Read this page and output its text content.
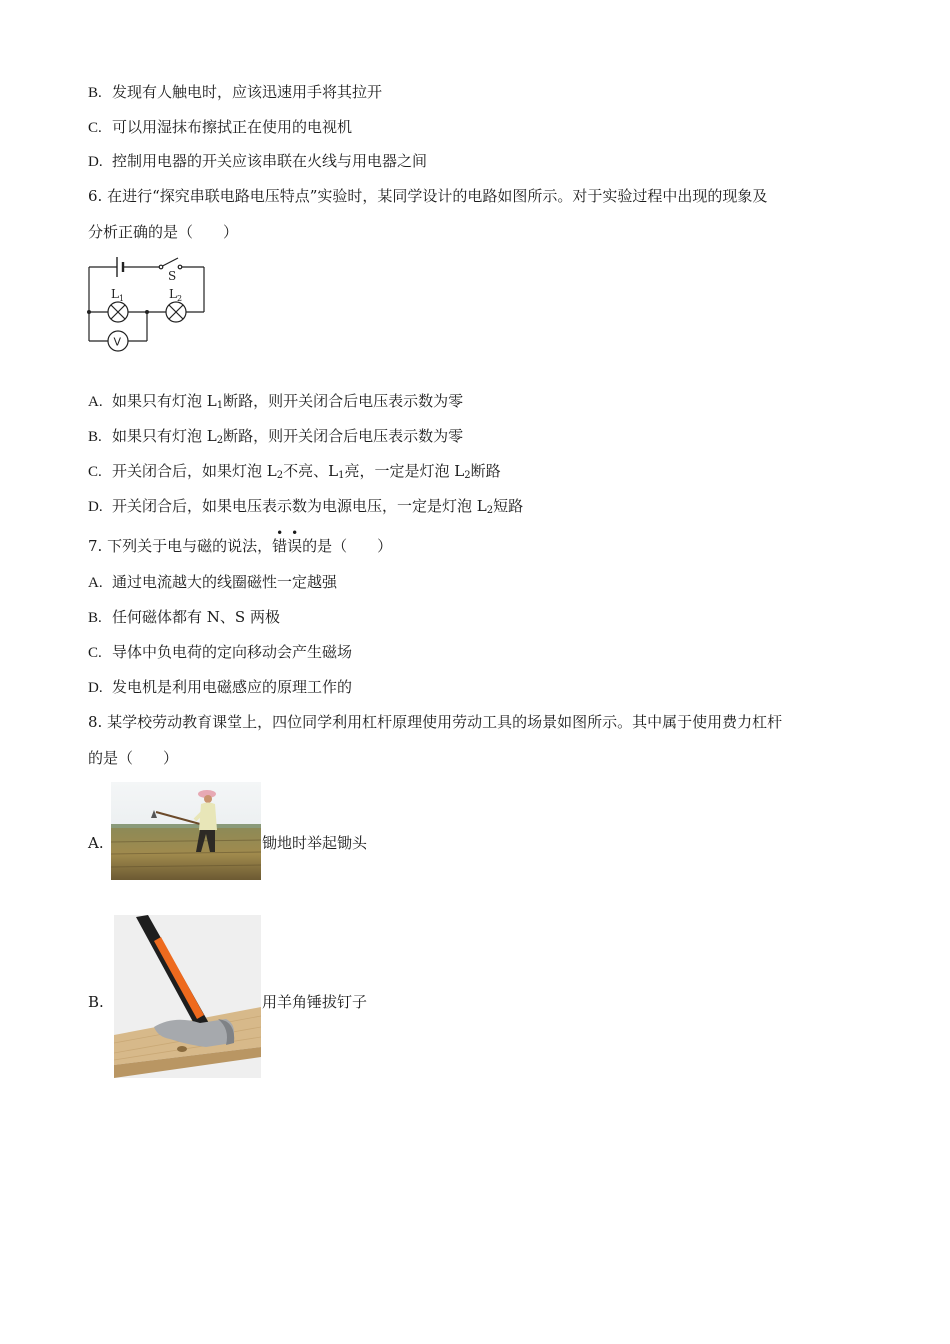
B. 发现有人触电时，应该迅速用手将其拉开
C. 可以用湿抹布擦拭正在使用的电视机
D. 控制用电器的开关应该串联在火线与用电器之间
6. 在进行“探究串联电路电压特点”实验时，某同学设计的电路如图所示。对于实验过程中出现的现象及
分析正确的是（　　）
S
$L_1$	$L_2$
V
A. 如果只有灯泡 $L_1$断路，则开关闭合后电压表示数为零
B. 如果只有灯泡 $L_2$断路，则开关闭合后电压表示数为零
C. 开关闭合后，如果灯泡 $L_2$不亮、$L_1$亮，一定是灯泡 $L_2$断路
D. 开关闭合后，如果电压表示数为电源电压，一定是灯泡 $L_2$短路
7. 下列关于电与磁的说法，
•
错
•
误的是（　　）
A. 通过电流越大的线圈磁性一定越强
B. 任何磁体都有 N、S 两极
C. 导体中负电荷的定向移动会产生磁场
D. 发电机是利用电磁感应的原理工作的
8. 某学校劳动教育课堂上，四位同学利用杠杆原理使用劳动工具的场景如图所示。其中属于使用费力杠杆
的是（　　）
A.	锄地时举起锄头
B.	用羊角锤拔钉子
